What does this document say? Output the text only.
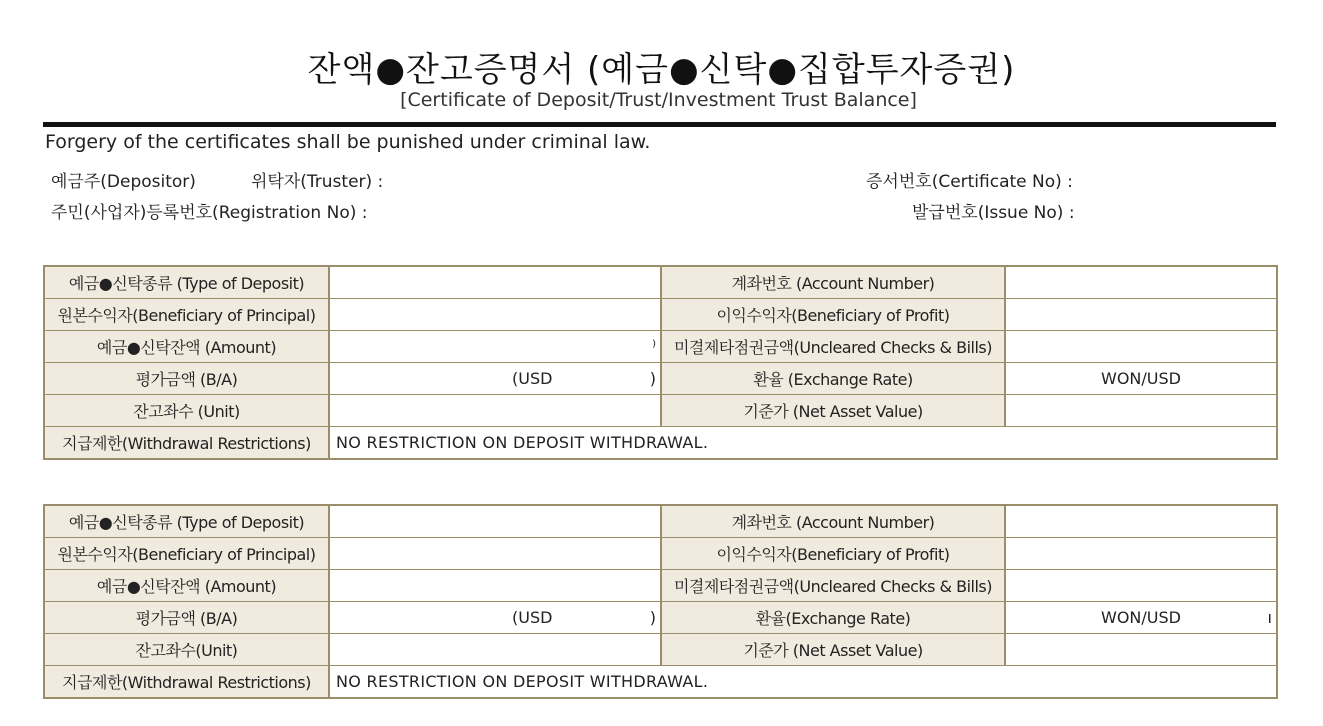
잔액●잔고증명서 (예금●신탁●집합투자증권)
[Certificate of Deposit/Trust/Investment Trust Balance]
Forgery of the certificates shall be punished under criminal law.
예금주(Depositor)	위탁자(Truster) :	증서번호(Certificate No) :
주민(사업자)등록번호(Registration No) :	발급번호(Issue No) :
예금●신탁종류 (Type of Deposit)		계좌번호 (Account Number)	
원본수익자(Beneficiary of Principal)		이익수익자(Beneficiary of Profit)	
예금●신탁잔액 (Amount)	⁾	미결제타점권금액(Uncleared Checks & Bills)	
평가금액 (B/A)	(USD )	환율 (Exchange Rate)	WON/USD
잔고좌수 (Unit)		기준가 (Net Asset Value)	
지급제한(Withdrawal Restrictions)	NO RESTRICTION ON DEPOSIT WITHDRAWAL.		
예금●신탁종류 (Type of Deposit)		계좌번호 (Account Number)	
원본수익자(Beneficiary of Principal)		이익수익자(Beneficiary of Profit)	
예금●신탁잔액 (Amount)		미결제타점권금액(Uncleared Checks & Bills)	
평가금액 (B/A)	(USD )	환율(Exchange Rate)	WON/USD ı

잔고좌수(Unit)		기준가 (Net Asset Value)	
지급제한(Withdrawal Restrictions)	NO RESTRICTION ON DEPOSIT WITHDRAWAL.		
